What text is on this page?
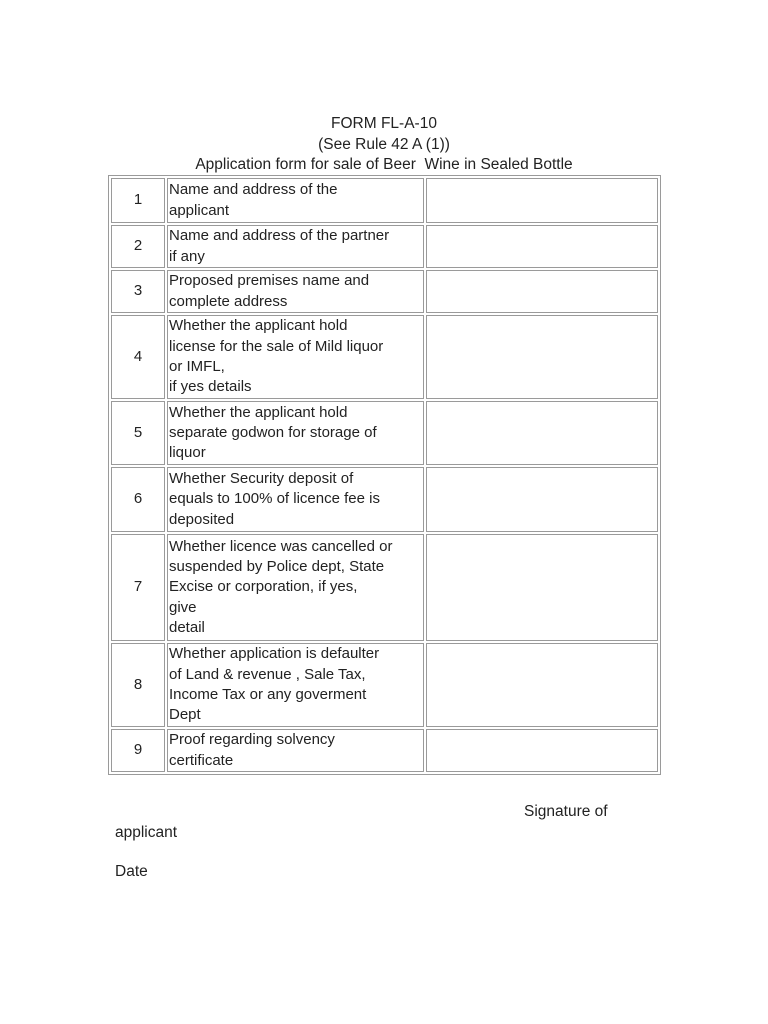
FORM FL-A-10
(See Rule 42 A (1))
Application form for sale of Beer  Wine in Sealed Bottle
1	Name and address of the
applicant	
2	Name and address of the partner
if any	
3	Proposed premises name and
complete address	
4	Whether the applicant hold
license for the sale of Mild liquor
or IMFL,
if yes details	
5	Whether the applicant hold
separate godwon for storage of
liquor	
6	Whether Security deposit of
equals to 100% of licence fee is
deposited	
7	Whether licence was cancelled or
suspended by Police dept, State
Excise or corporation, if yes,
give
detail	
8	Whether application is defaulter
of Land & revenue , Sale Tax,
Income Tax or any goverment
Dept	
9	Proof regarding solvency
certificate	
Signature of
applicant
Date
